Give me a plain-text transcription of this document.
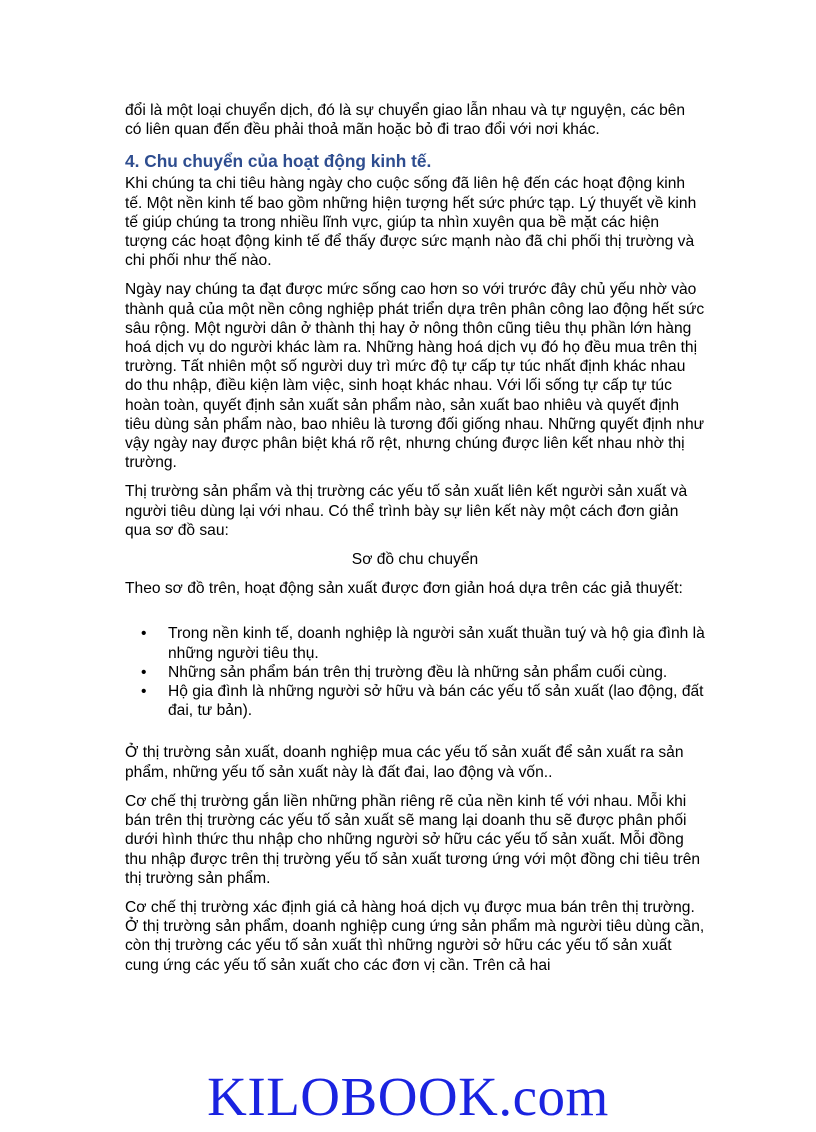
đổi là một loại chuyển dịch, đó là sự chuyển giao lẫn nhau và tự nguyện, các bên có liên quan đến đều phải thoả mãn hoặc bỏ đi trao đổi với nơi khác.

4. Chu chuyển của hoạt động kinh tế.

Khi chúng ta chi tiêu hàng ngày cho cuộc sống đã liên hệ đến các hoạt động kinh tế. Một nền kinh tế bao gồm những hiện tượng hết sức phức tạp. Lý thuyết về kinh tế giúp chúng ta trong nhiều lĩnh vực, giúp ta nhìn xuyên qua bề mặt các hiện tượng các hoạt động kinh tế để thấy được sức mạnh nào đã chi phối thị trường và chi phối như thế nào.

Ngày nay chúng ta đạt được mức sống cao hơn so với trước đây chủ yếu nhờ vào thành quả của một nền công nghiệp phát triển dựa trên phân công lao động hết sức sâu rộng. Một người dân ở thành thị hay ở nông thôn cũng tiêu thụ phần lớn hàng hoá dịch vụ do người khác làm ra. Những hàng hoá dịch vụ đó họ đều mua trên thị trường. Tất nhiên một số người duy trì mức độ tự cấp tự túc nhất định khác nhau do thu nhập, điều kiện làm việc, sinh hoạt khác nhau. Với lối sống tự cấp tự túc hoàn toàn, quyết định sản xuất sản phẩm nào, sản xuất bao nhiêu và quyết định tiêu dùng sản phẩm nào, bao nhiêu là tương đối giống nhau. Những quyết định như vậy ngày nay được phân biệt khá rõ rệt, nhưng chúng được liên kết nhau nhờ thị trường.

Thị trường sản phẩm và thị trường các yếu tố sản xuất liên kết người sản xuất và người tiêu dùng lại với nhau. Có thể trình bày sự liên kết này một cách đơn giản qua sơ đồ sau:

Sơ đồ chu chuyển

Theo sơ đồ trên, hoạt động sản xuất được đơn giản hoá dựa trên các giả thuyết:

• Trong nền kinh tế, doanh nghiệp là người sản xuất thuần tuý và hộ gia đình là những người tiêu thụ.
• Những sản phẩm bán trên thị trường đều là những sản phẩm cuối cùng.
• Hộ gia đình là những người sở hữu và bán các yếu tố sản xuất (lao động, đất đai, tư bản).

Ở thị trường sản xuất, doanh nghiệp mua các yếu tố sản xuất để sản xuất ra sản phẩm, những yếu tố sản xuất này là đất đai, lao động và vốn..

Cơ chế thị trường gắn liền những phần riêng rẽ của nền kinh tế với nhau. Mỗi khi bán trên thị trường các yếu tố sản xuất sẽ mang lại doanh thu sẽ được phân phối dưới hình thức thu nhập cho những người sở hữu các yếu tố sản xuất. Mỗi đồng thu nhập được trên thị trường yếu tố sản xuất tương ứng với một đồng chi tiêu trên thị trường sản phẩm.

Cơ chế thị trường xác định giá cả hàng hoá dịch vụ được mua bán trên thị trường. Ở thị trường sản phẩm, doanh nghiệp cung ứng sản phẩm mà người tiêu dùng cần, còn thị trường các yếu tố sản xuất thì những người sở hữu các yếu tố sản xuất cung ứng các yếu tố sản xuất cho các đơn vị cần. Trên cả hai

KILOBOOK.com
